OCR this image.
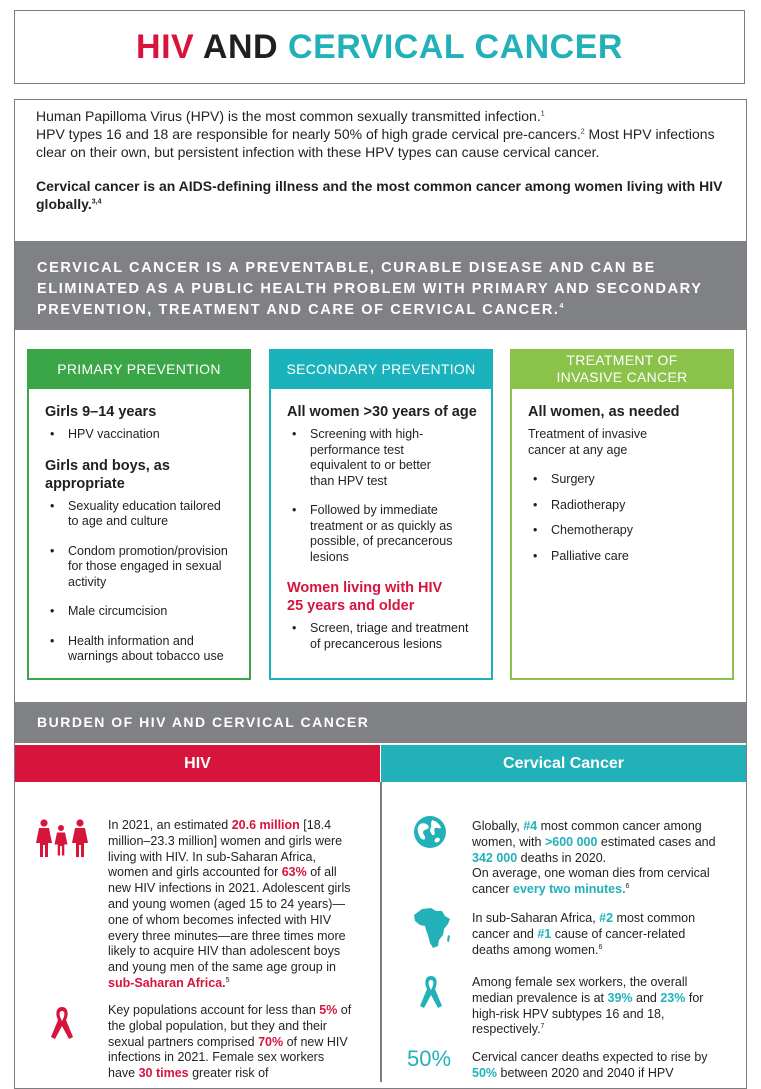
HIV AND CERVICAL CANCER

Human Papilloma Virus (HPV) is the most common sexually transmitted infection.$^1$

HPV types 16 and 18 are responsible for nearly 50% of high grade cervical pre-cancers.$^2$ Most HPV infections clear on their own, but persistent infection with these HPV types can cause cervical cancer.

Cervical cancer is an AIDS-defining illness and the most common cancer among women living with HIV globally.$^{3,4}$

CERVICAL CANCER IS A PREVENTABLE, CURABLE DISEASE AND CAN BE ELIMINATED AS A PUBLIC HEALTH PROBLEM WITH PRIMARY AND SECONDARY PREVENTION, TREATMENT AND CARE OF CERVICAL CANCER.$^4$

PRIMARY PREVENTION
Girls 9–14 years
• HPV vaccination
Girls and boys, as appropriate
• Sexuality education tailored to age and culture
• Condom promotion/provision for those engaged in sexual activity
• Male circumcision
• Health information and warnings about tobacco use
SECONDARY PREVENTION
All women >30 years of age
• Screening with high-performance test equivalent to or better than HPV test
• Followed by immediate treatment or as quickly as possible, of precancerous lesions
Women living with HIV 25 years and older
• Screen, triage and treatment of precancerous lesions
TREATMENT OF INVASIVE CANCER
All women, as needed

Treatment of invasive cancer at any age

• Surgery
• Radiotherapy
• Chemotherapy
• Palliative care
BURDEN OF HIV AND CERVICAL CANCER
HIV	Cervical Cancer
In 2021, an estimated 20.6 million [18.4 million–23.3 million] women and girls were living with HIV. In sub-Saharan Africa, women and girls accounted for 63% of all new HIV infections in 2021. Adolescent girls and young women (aged 15 to 24 years)—one of whom becomes infected with HIV every three minutes—are three times more likely to acquire HIV than adolescent boys and young men of the same age group in sub-Saharan Africa.$^5$
Key populations account for less than 5% of the global population, but they and their sexual partners comprised 70% of new HIV infections in 2021. Female sex workers have 30 times greater risk of
50%
Globally, #4 most common cancer among women, with >600 000 estimated cases and 342 000 deaths in 2020.
On average, one woman dies from cervical cancer every two minutes.$^6$
In sub-Saharan Africa, #2 most common cancer and #1 cause of cancer-related deaths among women.$^6$
Among female sex workers, the overall median prevalence is at 39% and 23% for high-risk HPV subtypes 16 and 18, respectively.$^7$
Cervical cancer deaths expected to rise by 50% between 2020 and 2040 if HPV
